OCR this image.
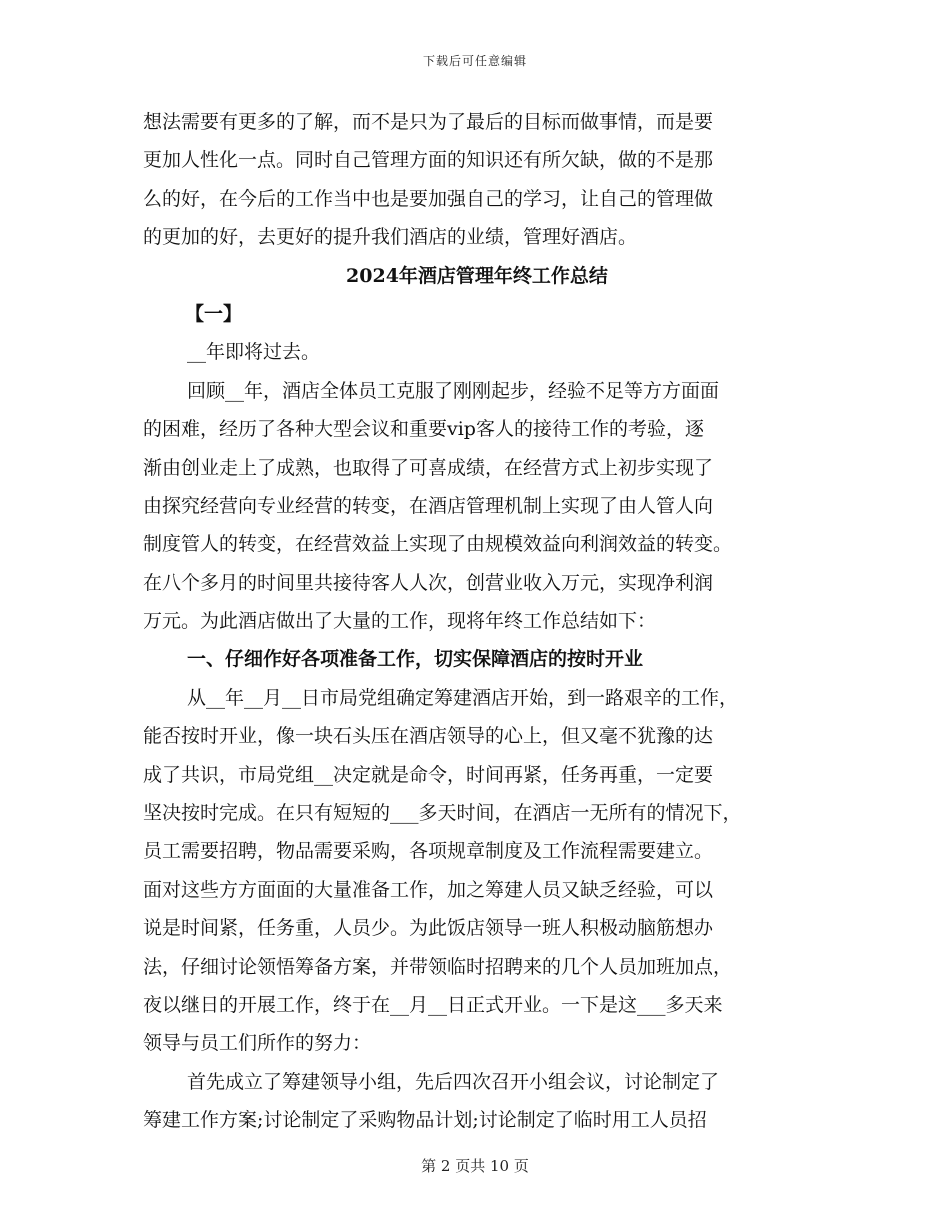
下载后可任意编辑
想法需要有更多的了解，而不是只为了最后的目标而做事情，而是要
更加人性化一点。同时自己管理方面的知识还有所欠缺，做的不是那
么的好，在今后的工作当中也是要加强自己的学习，让自己的管理做
的更加的好，去更好的提升我们酒店的业绩，管理好酒店。
2024年酒店管理年终工作总结
【一】
__年即将过去。
回顾__年，酒店全体员工克服了刚刚起步，经验不足等方方面面
的困难，经历了各种大型会议和重要vip客人的接待工作的考验，逐
渐由创业走上了成熟，也取得了可喜成绩，在经营方式上初步实现了
由探究经营向专业经营的转变，在酒店管理机制上实现了由人管人向
制度管人的转变，在经营效益上实现了由规模效益向利润效益的转变。
在八个多月的时间里共接待客人人次，创营业收入万元，实现净利润
万元。为此酒店做出了大量的工作，现将年终工作总结如下：
一、仔细作好各项准备工作，切实保障酒店的按时开业
从__年__月__日市局党组确定筹建酒店开始，到一路艰辛的工作，
能否按时开业，像一块石头压在酒店领导的心上，但又毫不犹豫的达
成了共识，市局党组__决定就是命令，时间再紧，任务再重，一定要
坚决按时完成。在只有短短的___多天时间，在酒店一无所有的情况下，
员工需要招聘，物品需要采购，各项规章制度及工作流程需要建立。
面对这些方方面面的大量准备工作，加之筹建人员又缺乏经验，可以
说是时间紧，任务重，人员少。为此饭店领导一班人积极动脑筋想办
法，仔细讨论领悟筹备方案，并带领临时招聘来的几个人员加班加点，
夜以继日的开展工作，终于在__月__日正式开业。一下是这___多天来
领导与员工们所作的努力：
首先成立了筹建领导小组，先后四次召开小组会议，讨论制定了
筹建工作方案;讨论制定了采购物品计划;讨论制定了临时用工人员招
第 2 页共 10 页
